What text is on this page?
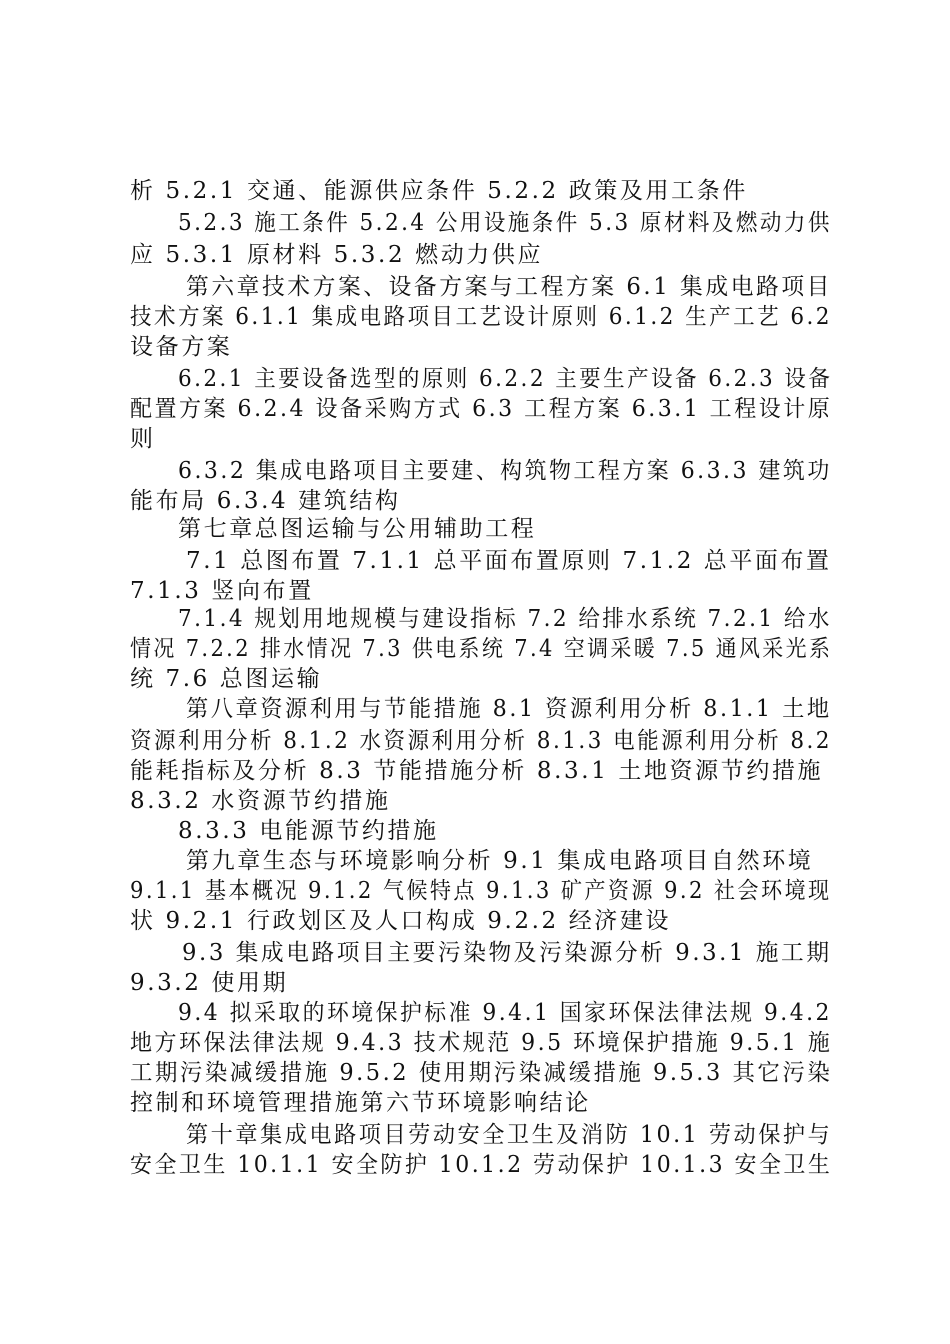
析 5.2.1 交通、能源供应条件 5.2.2 政策及用工条件
5.2.3 施工条件 5.2.4 公用设施条件 5.3 原材料及燃动力供
应 5.3.1 原材料 5.3.2 燃动力供应
第六章技术方案、设备方案与工程方案 6.1 集成电路项目
技术方案 6.1.1 集成电路项目工艺设计原则 6.1.2 生产工艺 6.2
设备方案
6.2.1 主要设备选型的原则 6.2.2 主要生产设备 6.2.3 设备
配置方案 6.2.4 设备采购方式 6.3 工程方案 6.3.1 工程设计原
则
6.3.2 集成电路项目主要建、构筑物工程方案 6.3.3 建筑功
能布局 6.3.4 建筑结构
第七章总图运输与公用辅助工程
7.1 总图布置 7.1.1 总平面布置原则 7.1.2 总平面布置
7.1.3 竖向布置
7.1.4 规划用地规模与建设指标 7.2 给排水系统 7.2.1 给水
情况 7.2.2 排水情况 7.3 供电系统 7.4 空调采暖 7.5 通风采光系
统 7.6 总图运输
第八章资源利用与节能措施 8.1 资源利用分析 8.1.1 土地
资源利用分析 8.1.2 水资源利用分析 8.1.3 电能源利用分析 8.2
能耗指标及分析 8.3 节能措施分析 8.3.1 土地资源节约措施
8.3.2 水资源节约措施
8.3.3 电能源节约措施
第九章生态与环境影响分析 9.1 集成电路项目自然环境
9.1.1 基本概况 9.1.2 气候特点 9.1.3 矿产资源 9.2 社会环境现
状 9.2.1 行政划区及人口构成 9.2.2 经济建设
9.3 集成电路项目主要污染物及污染源分析 9.3.1 施工期
9.3.2 使用期
9.4 拟采取的环境保护标准 9.4.1 国家环保法律法规 9.4.2
地方环保法律法规 9.4.3 技术规范 9.5 环境保护措施 9.5.1 施
工期污染减缓措施 9.5.2 使用期污染减缓措施 9.5.3 其它污染
控制和环境管理措施第六节环境影响结论
第十章集成电路项目劳动安全卫生及消防 10.1 劳动保护与
安全卫生 10.1.1 安全防护 10.1.2 劳动保护 10.1.3 安全卫生
